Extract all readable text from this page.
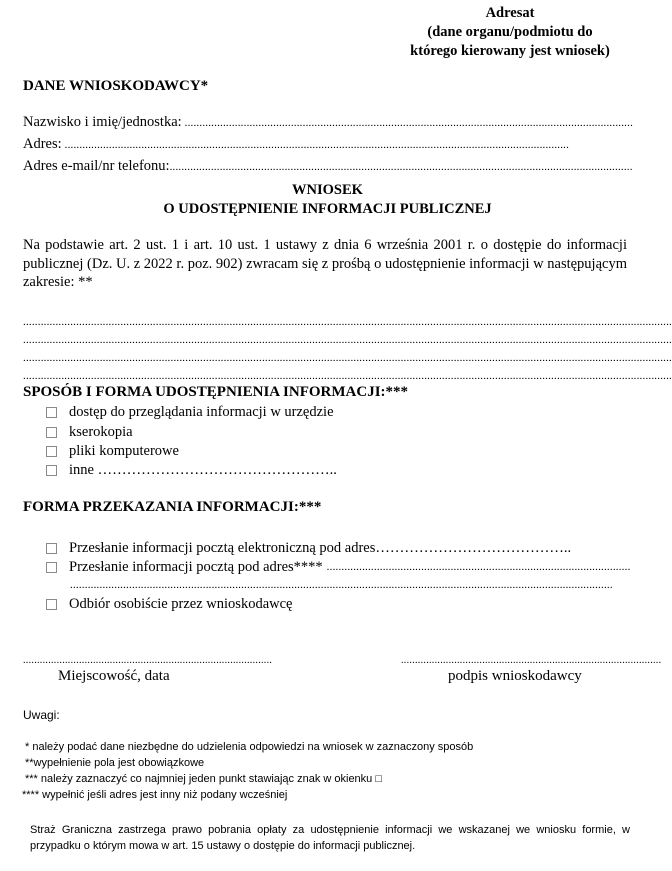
Adresat
(dane organu/podmiotu do
którego kierowany jest wniosek)
DANE WNIOSKODAWCY*
Nazwisko i imię/jednostka: ........................................................................................................................................................
Adres: ...........................................................................................................................................................................
Adres e-mail/nr telefonu: .............................................................................................................................................................
WNIOSEK
O UDOSTĘPNIENIE INFORMACJI PUBLICZNEJ
Na podstawie art. 2 ust. 1 i art. 10 ust. 1 ustawy z dnia 6 września 2001 r. o dostępie do informacji publicznej (Dz. U. z 2022 r. poz. 902) zwracam się z prośbą o udostępnienie informacji w następującym zakresie: **
............................................................................................................................................................................................................................
............................................................................................................................................................................................................................
............................................................................................................................................................................................................................
............................................................................................................................................................................................................................
SPOSÓB I FORMA UDOSTĘPNIENIA INFORMACJI:***
dostęp do przeglądania informacji w urzędzie
kserokopia
pliki komputerowe
inne …………………………………………..
FORMA PRZEKAZANIA INFORMACJI:***
Przesłanie informacji pocztą elektroniczną pod adres…………………………………..
Przesłanie informacji pocztą pod adres**** .......................................................................................................
........................................................................................................................................................................................
Odbiór osobiście przez wnioskodawcę
.........................................................................................	.............................................................................................
Miejscowość, data	podpis wnioskodawcy
Uwagi:
* należy podać dane niezbędne do udzielenia odpowiedzi na wniosek w zaznaczony sposób
**wypełnienie pola jest obowiązkowe
*** należy zaznaczyć co najmniej jeden punkt stawiając znak w okienku □
**** wypełnić jeśli adres jest inny niż podany wcześniej
Straż Graniczna zastrzega prawo pobrania opłaty za udostępnienie informacji we wskazanej we wniosku formie, w przypadku o którym mowa w art. 15 ustawy o dostępie do informacji publicznej.
